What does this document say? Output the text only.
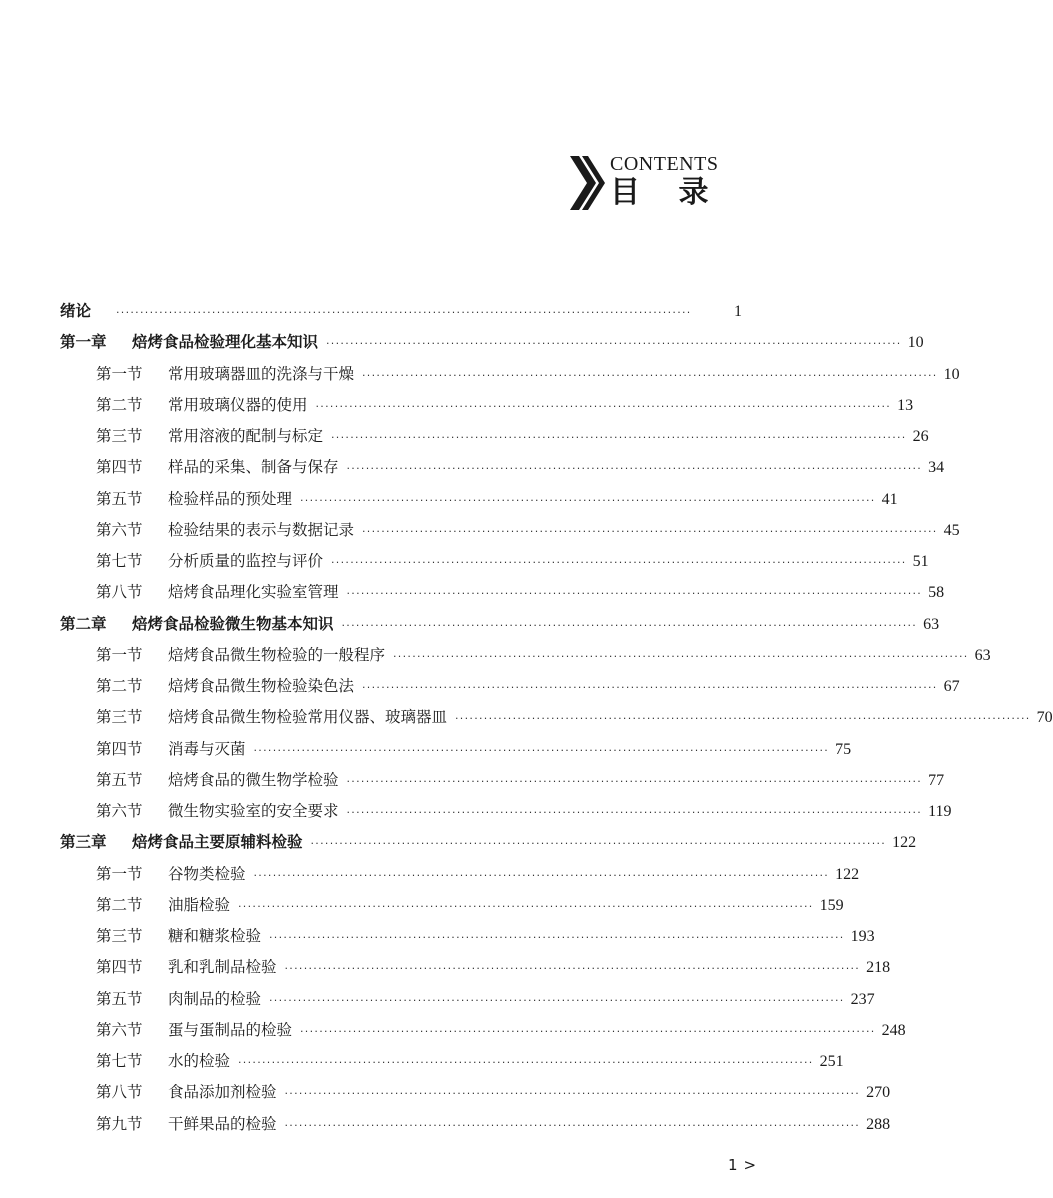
CONTENTS
目 录
绪论	························································································································	1
第一章	焙烤食品检验理化基本知识 ························································································································ 10
第一节	常用玻璃器皿的洗涤与干燥 ························································································································ 10
第二节	常用玻璃仪器的使用 ························································································································ 13
第三节	常用溶液的配制与标定 ························································································································ 26
第四节	样品的采集、制备与保存 ························································································································ 34
第五节	检验样品的预处理 ························································································································ 41
第六节	检验结果的表示与数据记录 ························································································································ 45
第七节	分析质量的监控与评价 ························································································································ 51
第八节	焙烤食品理化实验室管理 ························································································································ 58
第二章	焙烤食品检验微生物基本知识 ························································································································ 63
第一节	焙烤食品微生物检验的一般程序 ························································································································ 63
第二节	焙烤食品微生物检验染色法 ························································································································ 67
第三节	焙烤食品微生物检验常用仪器、玻璃器皿 ························································································································ 70
第四节	消毒与灭菌 ························································································································ 75
第五节	焙烤食品的微生物学检验 ························································································································ 77
第六节	微生物实验室的安全要求 ························································································································ 119
第三章	焙烤食品主要原辅料检验 ························································································································ 122
第一节	谷物类检验 ························································································································ 122
第二节	油脂检验 ························································································································ 159
第三节	糖和糖浆检验 ························································································································ 193
第四节	乳和乳制品检验 ························································································································ 218
第五节	肉制品的检验 ························································································································ 237
第六节	蛋与蛋制品的检验 ························································································································ 248
第七节	水的检验 ························································································································ 251
第八节	食品添加剂检验 ························································································································ 270
第九节	干鲜果品的检验 ························································································································ 288
1 >
